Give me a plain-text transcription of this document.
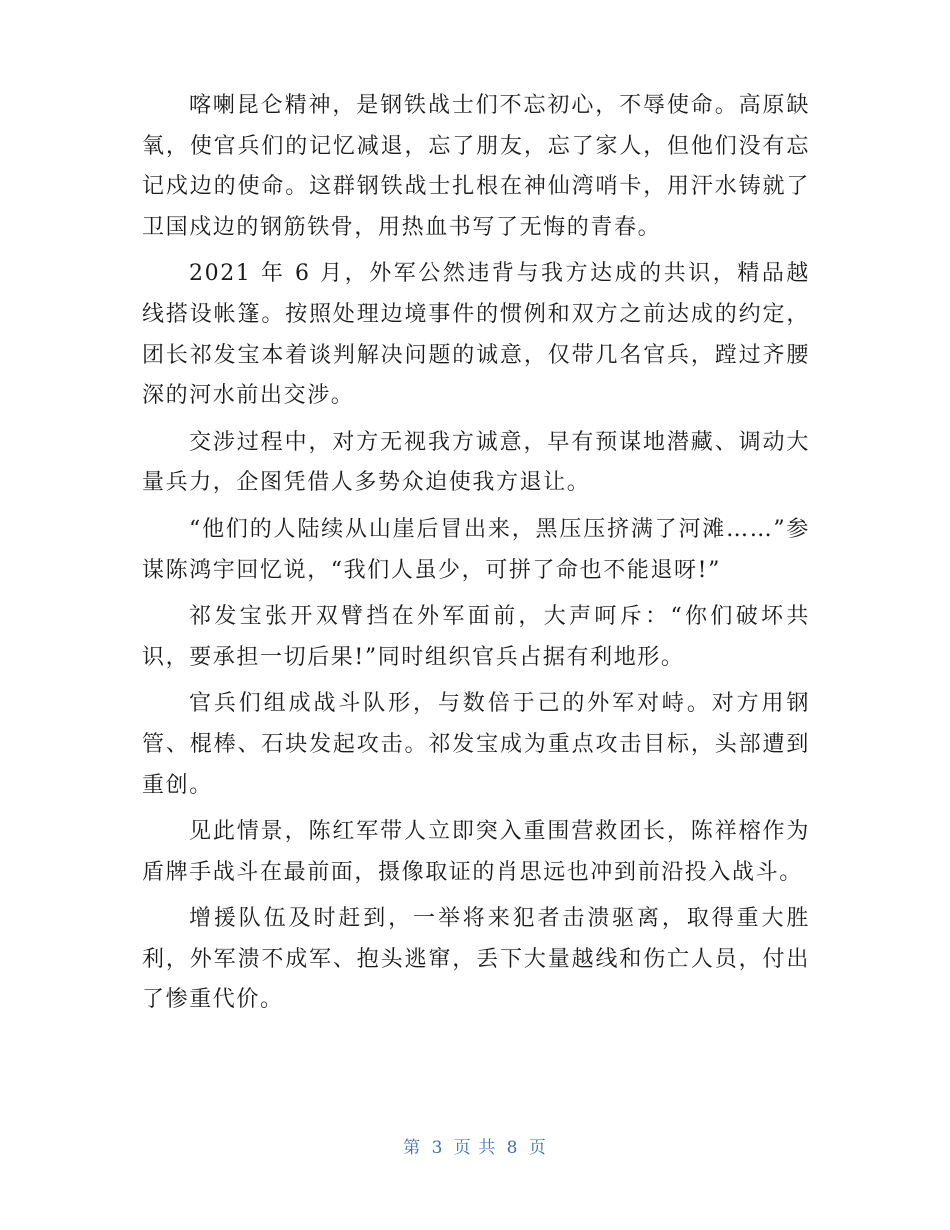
喀喇昆仑精神，是钢铁战士们不忘初心，不辱使命。高原缺氧，使官兵们的记忆减退，忘了朋友，忘了家人，但他们没有忘记戍边的使命。这群钢铁战士扎根在神仙湾哨卡，用汗水铸就了卫国戍边的钢筋铁骨，用热血书写了无悔的青春。

2021 年 6 月，外军公然违背与我方达成的共识，精品越线搭设帐篷。按照处理边境事件的惯例和双方之前达成的约定，团长祁发宝本着谈判解决问题的诚意，仅带几名官兵，蹚过齐腰深的河水前出交涉。

交涉过程中，对方无视我方诚意，早有预谋地潜藏、调动大量兵力，企图凭借人多势众迫使我方退让。

“他们的人陆续从山崖后冒出来，黑压压挤满了河滩……”参谋陈鸿宇回忆说，“我们人虽少，可拼了命也不能退呀!”

祁发宝张开双臂挡在外军面前，大声呵斥：“你们破坏共识，要承担一切后果!”同时组织官兵占据有利地形。

官兵们组成战斗队形，与数倍于己的外军对峙。对方用钢管、棍棒、石块发起攻击。祁发宝成为重点攻击目标，头部遭到重创。

见此情景，陈红军带人立即突入重围营救团长，陈祥榕作为盾牌手战斗在最前面，摄像取证的肖思远也冲到前沿投入战斗。

增援队伍及时赶到，一举将来犯者击溃驱离，取得重大胜利，外军溃不成军、抱头逃窜，丢下大量越线和伤亡人员，付出了惨重代价。

第 3 页 共 8 页
